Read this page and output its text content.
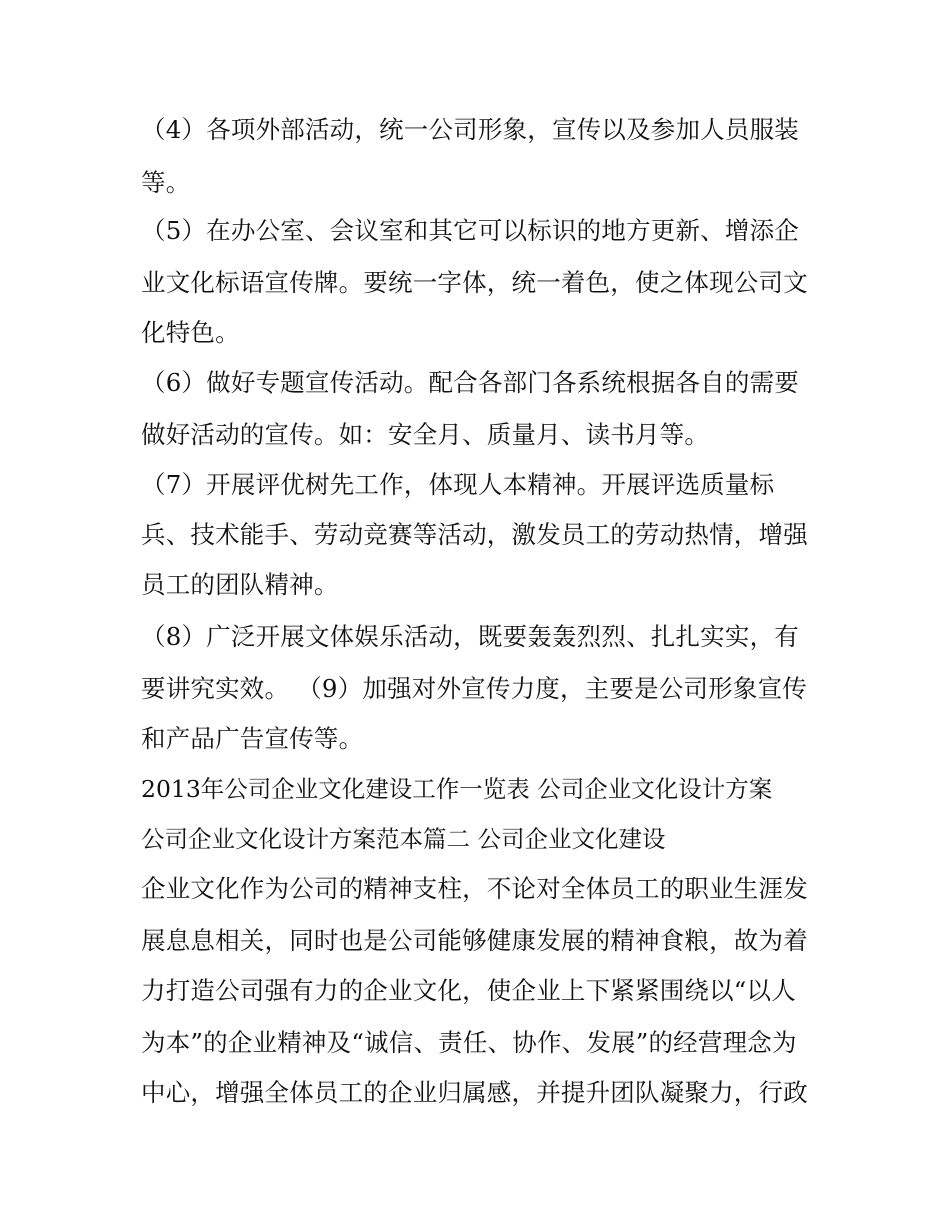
（4）各项外部活动，统一公司形象，宣传以及参加人员服装
等。
（5）在办公室、会议室和其它可以标识的地方更新、增添企
业文化标语宣传牌。要统一字体，统一着色，使之体现公司文
化特色。
（6）做好专题宣传活动。配合各部门各系统根据各自的需要
做好活动的宣传。如：安全月、质量月、读书月等。
（7）开展评优树先工作，体现人本精神。开展评选质量标
兵、技术能手、劳动竞赛等活动，激发员工的劳动热情，增强
员工的团队精神。
（8）广泛开展文体娱乐活动，既要轰轰烈烈、扎扎实实，有
要讲究实效。 （9）加强对外宣传力度，主要是公司形象宣传
和产品广告宣传等。
2013年公司企业文化建设工作一览表 公司企业文化设计方案
公司企业文化设计方案范本篇二 公司企业文化建设
企业文化作为公司的精神支柱，不论对全体员工的职业生涯发
展息息相关，同时也是公司能够健康发展的精神食粮，故为着
力打造公司强有力的企业文化，使企业上下紧紧围绕以“以人
为本”的企业精神及“诚信、责任、协作、发展”的经营理念为
中心，增强全体员工的企业归属感，并提升团队凝聚力，行政
